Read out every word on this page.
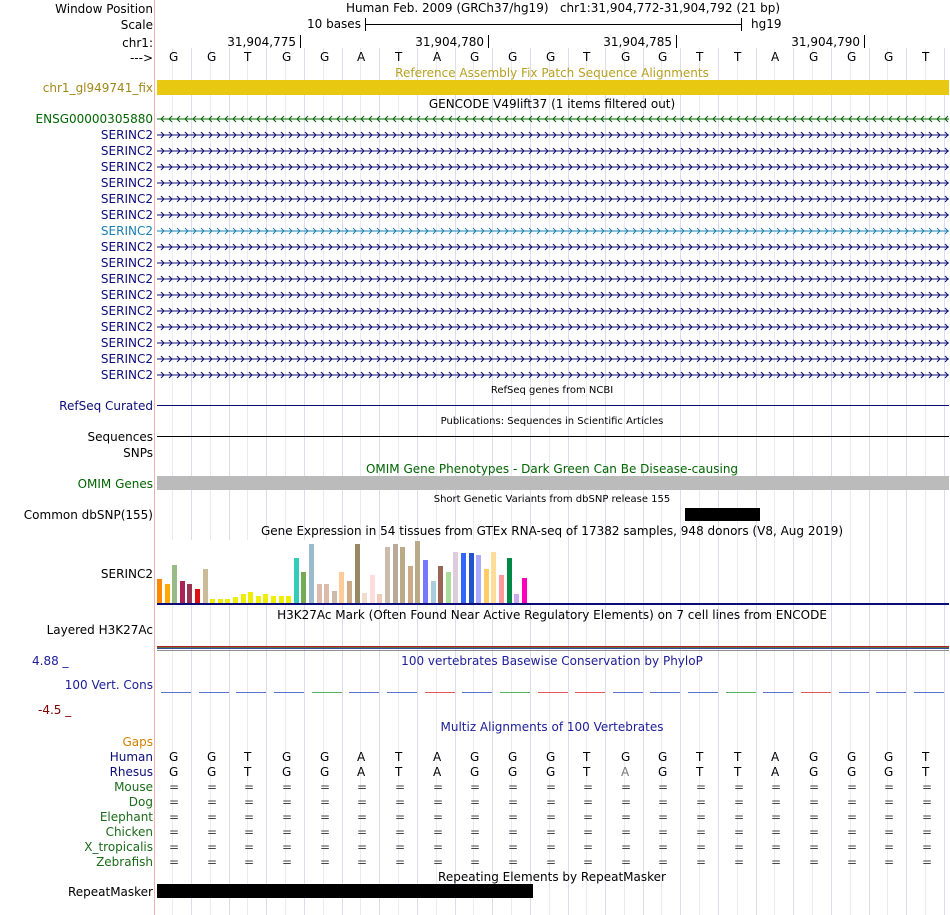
Window Position	Human Feb. 2009 (GRCh37/hg19)   chr1:31,904,772-31,904,792 (21 bp)
Scale	10 bases	hg19
chr1:	31,904,775	31,904,780	31,904,785	31,904,790
---> G G T	G G A T	A G G G T	G G T	T A G G G T
Reference Assembly Fix Patch Sequence Alignments
chr1_gl949741_fix
GENCODE V49lift37 (1 items filtered out)
ENSG00000305880
SERINC2
SERINC2
SERINC2
SERINC2
SERINC2
SERINC2
SERINC2
SERINC2
SERINC2
SERINC2
SERINC2
SERINC2
SERINC2
SERINC2
SERINC2
SERINC2
RefSeq genes from NCBI
RefSeq Curated
Publications: Sequences in Scientific Articles
Sequences
SNPs
OMIM Gene Phenotypes - Dark Green Can Be Disease-causing
OMIM Genes
Short Genetic Variants from dbSNP release 155
Common dbSNP(155)
Gene Expression in 54 tissues from GTEx RNA-seq of 17382 samples, 948 donors (V8, Aug 2019)
SERINC2
H3K27Ac Mark (Often Found Near Active Regulatory Elements) on 7 cell lines from ENCODE
Layered H3K27Ac
100 vertebrates Basewise Conservation by PhyloP
4.88 _
100 Vert. Cons
-4.5 _
Multiz Alignments of 100 Vertebrates
Gaps
Human G G T	G G A T	A G G G T	G G T	T A G G G T
Rhesus G G T	G G A T	A G G G T	A G T	T A G G G T
Mouse = = = = = = = = = = = = = = = = = = = = =
Dog = = = = = = = = = = = = = = = = = = = = =
Elephant = = = = = = = = = = = = = = = = = = = = =
Chicken = = = = = = = = = = = = = = = = = = = = =
X_tropicalis = = = = = = = = = = = = = = = = = = = = =
Zebrafish = = = = = = = = = = = = = = = = = = = = =
Repeating Elements by RepeatMasker
RepeatMasker
